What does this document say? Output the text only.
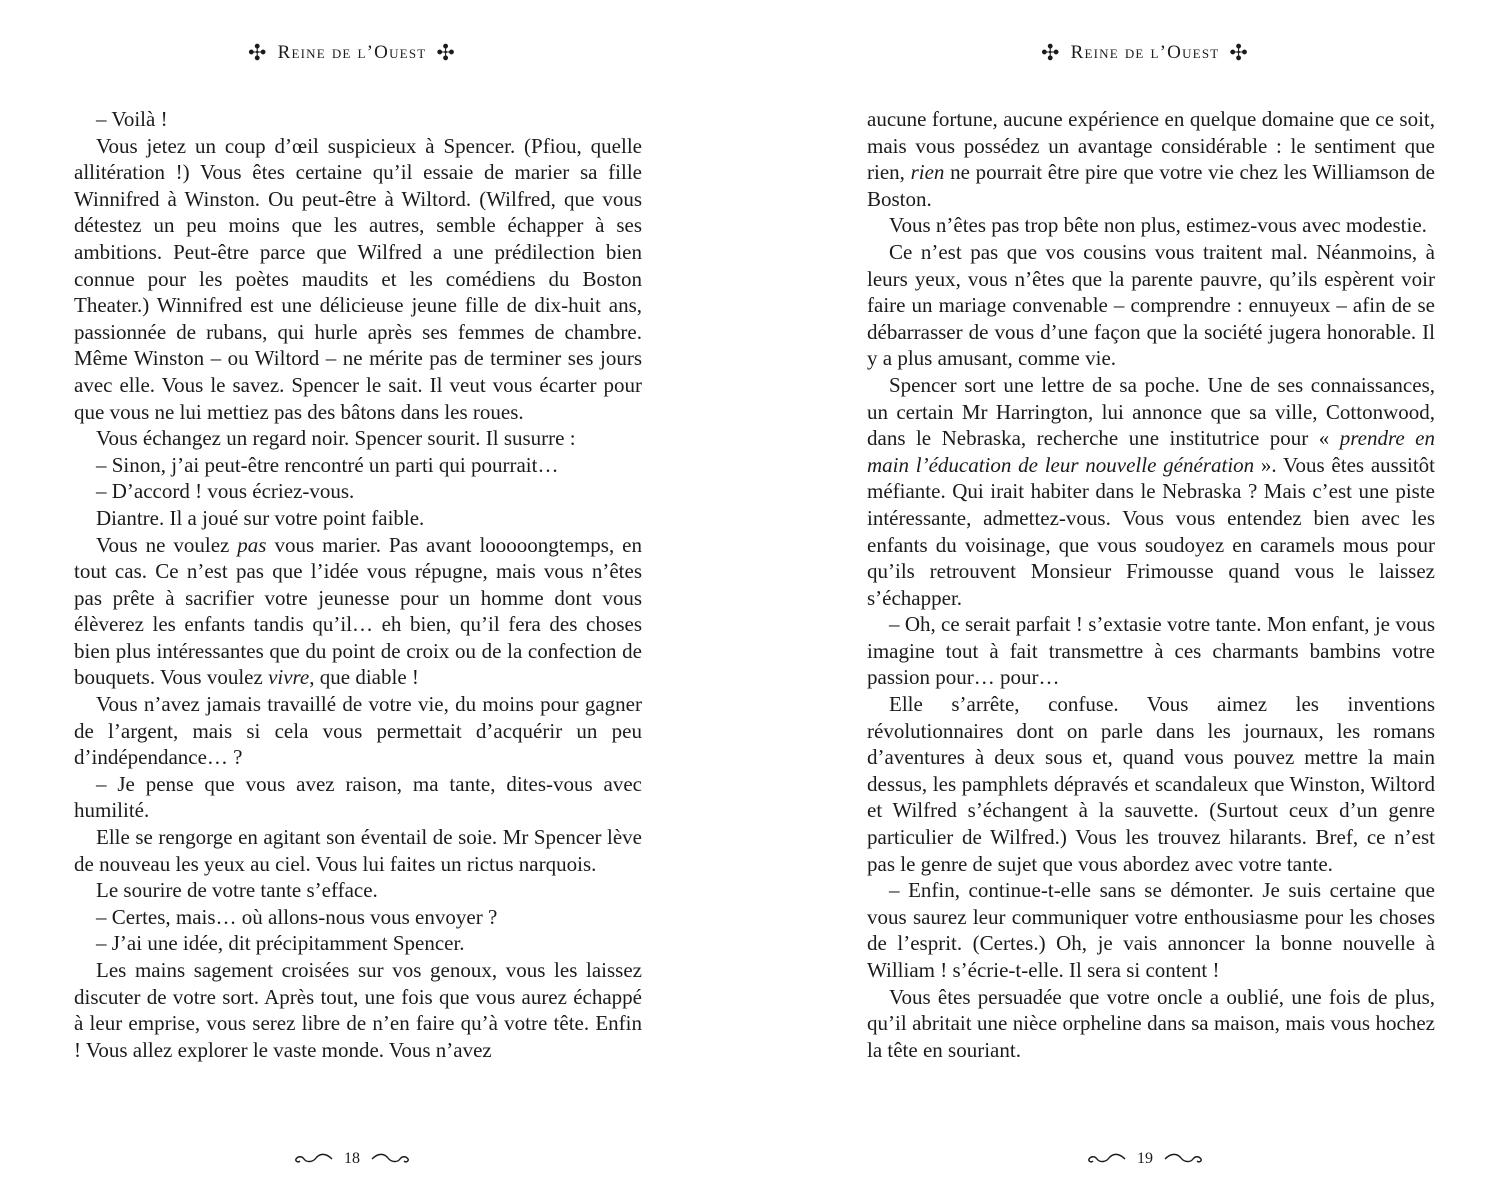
✣ Reine de l’Ouest ✣

– Voilà !

Vous jetez un coup d’œil suspicieux à Spencer. (Pfiou, quelle allitération !) Vous êtes certaine qu’il essaie de marier sa fille Winnifred à Winston. Ou peut-être à Wiltord. (Wilfred, que vous détestez un peu moins que les autres, semble échapper à ses ambitions. Peut-être parce que Wilfred a une prédilection bien connue pour les poètes maudits et les comédiens du Boston Theater.) Winnifred est une délicieuse jeune fille de dix-huit ans, passionnée de rubans, qui hurle après ses femmes de chambre. Même Winston – ou Wiltord – ne mérite pas de terminer ses jours avec elle. Vous le savez. Spencer le sait. Il veut vous écarter pour que vous ne lui mettiez pas des bâtons dans les roues.

Vous échangez un regard noir. Spencer sourit. Il susurre :

– Sinon, j’ai peut-être rencontré un parti qui pourrait…

– D’accord ! vous écriez-vous.

Diantre. Il a joué sur votre point faible.

Vous ne voulez pas vous marier. Pas avant looooongtemps, en tout cas. Ce n’est pas que l’idée vous répugne, mais vous n’êtes pas prête à sacrifier votre jeunesse pour un homme dont vous élèverez les enfants tandis qu’il… eh bien, qu’il fera des choses bien plus intéressantes que du point de croix ou de la confection de bouquets. Vous voulez vivre, que diable !

Vous n’avez jamais travaillé de votre vie, du moins pour gagner de l’argent, mais si cela vous permettait d’acquérir un peu d’indépendance… ?

– Je pense que vous avez raison, ma tante, dites-vous avec humilité.

Elle se rengorge en agitant son éventail de soie. Mr Spencer lève de nouveau les yeux au ciel. Vous lui faites un rictus narquois.

Le sourire de votre tante s’efface.

– Certes, mais… où allons-nous vous envoyer ?

– J’ai une idée, dit précipitamment Spencer.

Les mains sagement croisées sur vos genoux, vous les laissez discuter de votre sort. Après tout, une fois que vous aurez échappé à leur emprise, vous serez libre de n’en faire qu’à votre tête. Enfin ! Vous allez explorer le vaste monde. Vous n’avez

18
✣ Reine de l’Ouest ✣

aucune fortune, aucune expérience en quelque domaine que ce soit, mais vous possédez un avantage considérable : le sentiment que rien, rien ne pourrait être pire que votre vie chez les Williamson de Boston.

Vous n’êtes pas trop bête non plus, estimez-vous avec modestie.

Ce n’est pas que vos cousins vous traitent mal. Néanmoins, à leurs yeux, vous n’êtes que la parente pauvre, qu’ils espèrent voir faire un mariage convenable – comprendre : ennuyeux – afin de se débarrasser de vous d’une façon que la société jugera honorable. Il y a plus amusant, comme vie.

Spencer sort une lettre de sa poche. Une de ses connaissances, un certain Mr Harrington, lui annonce que sa ville, Cottonwood, dans le Nebraska, recherche une institutrice pour « prendre en main l’éducation de leur nouvelle génération ». Vous êtes aussitôt méfiante. Qui irait habiter dans le Nebraska ? Mais c’est une piste intéressante, admettez-vous. Vous vous entendez bien avec les enfants du voisinage, que vous soudoyez en caramels mous pour qu’ils retrouvent Monsieur Frimousse quand vous le laissez s’échapper.

– Oh, ce serait parfait ! s’extasie votre tante. Mon enfant, je vous imagine tout à fait transmettre à ces charmants bambins votre passion pour… pour…

Elle s’arrête, confuse. Vous aimez les inventions révolutionnaires dont on parle dans les journaux, les romans d’aventures à deux sous et, quand vous pouvez mettre la main dessus, les pamphlets dépravés et scandaleux que Winston, Wiltord et Wilfred s’échangent à la sauvette. (Surtout ceux d’un genre particulier de Wilfred.) Vous les trouvez hilarants. Bref, ce n’est pas le genre de sujet que vous abordez avec votre tante.

– Enfin, continue-t-elle sans se démonter. Je suis certaine que vous saurez leur communiquer votre enthousiasme pour les choses de l’esprit. (Certes.) Oh, je vais annoncer la bonne nouvelle à William ! s’écrie-t-elle. Il sera si content !

Vous êtes persuadée que votre oncle a oublié, une fois de plus, qu’il abritait une nièce orpheline dans sa maison, mais vous hochez la tête en souriant.

19
